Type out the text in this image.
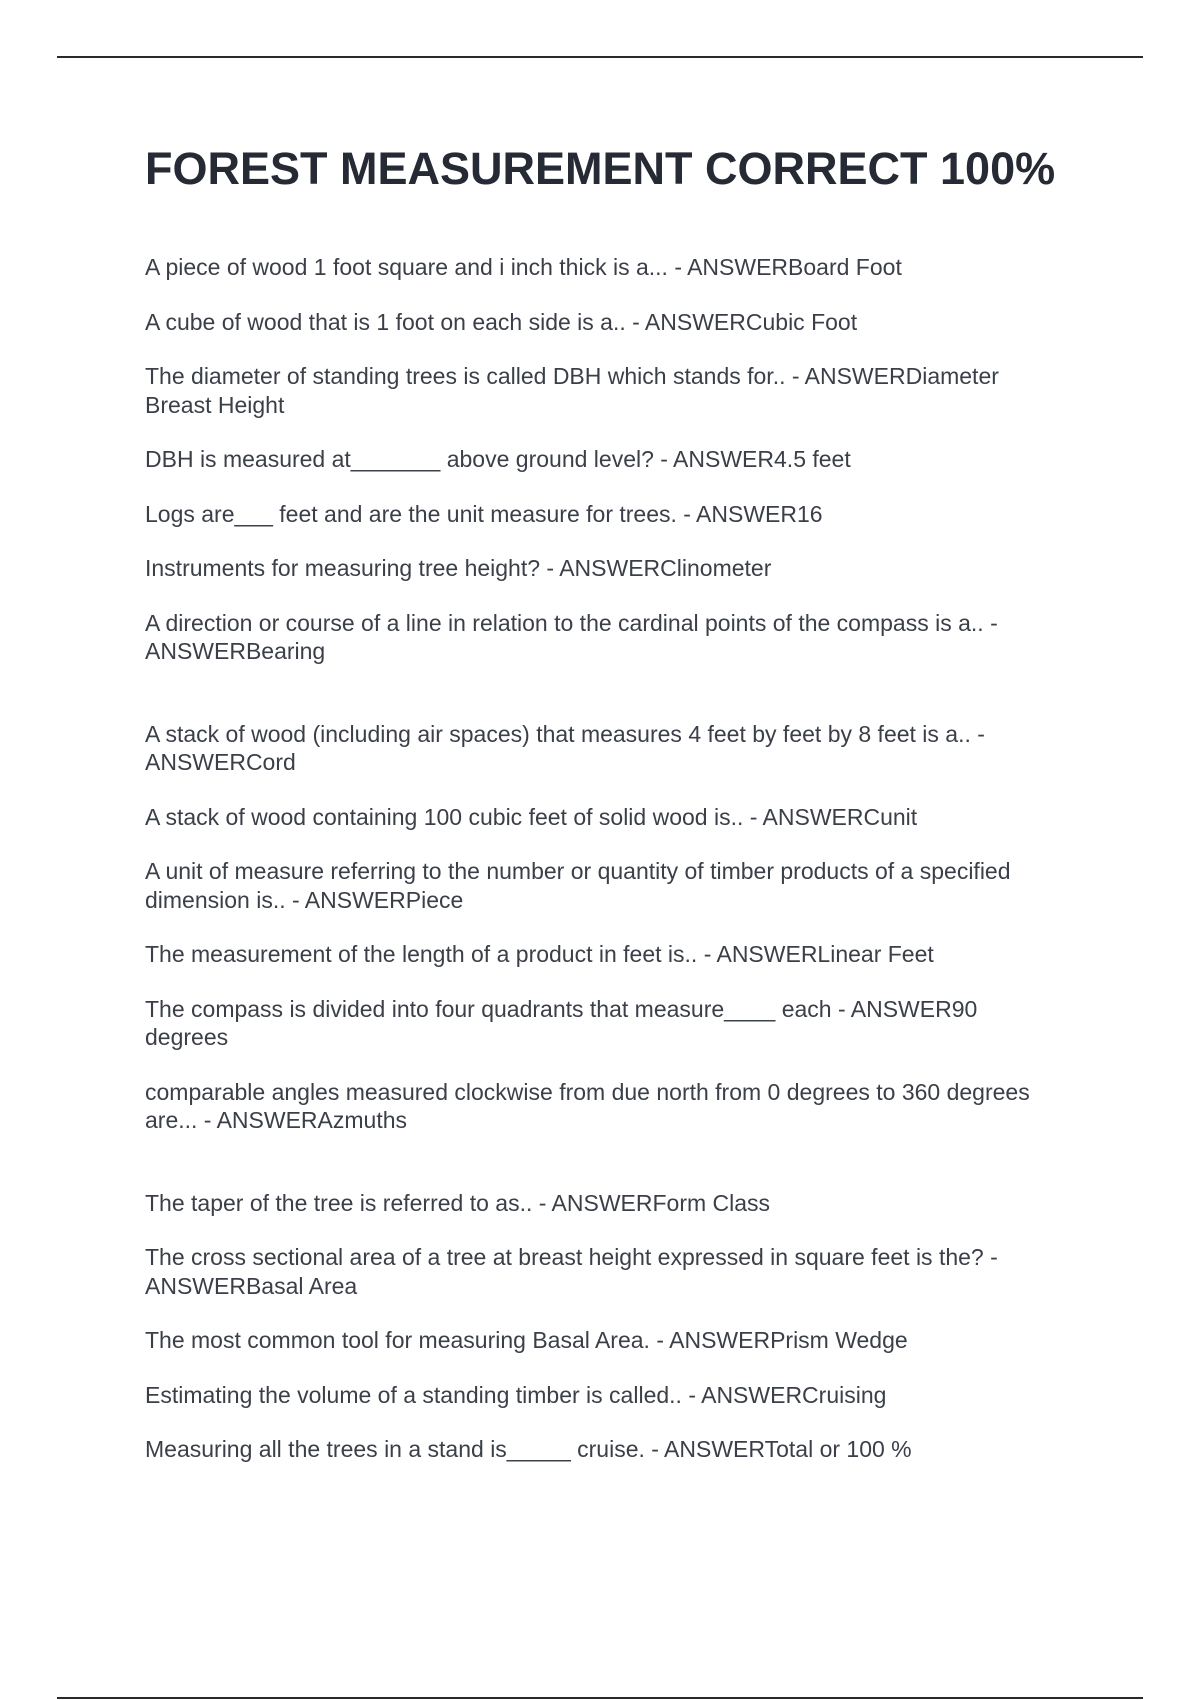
FOREST MEASUREMENT CORRECT 100%

A piece of wood 1 foot square and i inch thick is a... - ANSWERBoard Foot

A cube of wood that is 1 foot on each side is a.. - ANSWERCubic Foot

The diameter of standing trees is called DBH which stands for.. - ANSWERDiameter Breast Height

DBH is measured at_______ above ground level? - ANSWER4.5 feet

Logs are___ feet and are the unit measure for trees. - ANSWER16

Instruments for measuring tree height? - ANSWERClinometer

A direction or course of a line in relation to the cardinal points of the compass is a.. - ANSWERBearing

A stack of wood (including air spaces) that measures 4 feet by feet by 8 feet is a.. - ANSWERCord

A stack of wood containing 100 cubic feet of solid wood is.. - ANSWERCunit

A unit of measure referring to the number or quantity of timber products of a specified dimension is.. - ANSWERPiece

The measurement of the length of a product in feet is.. - ANSWERLinear Feet

The compass is divided into four quadrants that measure____ each - ANSWER90 degrees

comparable angles measured clockwise from due north from 0 degrees to 360 degrees are... - ANSWERAzmuths

The taper of the tree is referred to as.. - ANSWERForm Class

The cross sectional area of a tree at breast height expressed in square feet is the? - ANSWERBasal Area

The most common tool for measuring Basal Area. - ANSWERPrism Wedge

Estimating the volume of a standing timber is called.. - ANSWERCruising

Measuring all the trees in a stand is_____ cruise. - ANSWERTotal or 100 %
